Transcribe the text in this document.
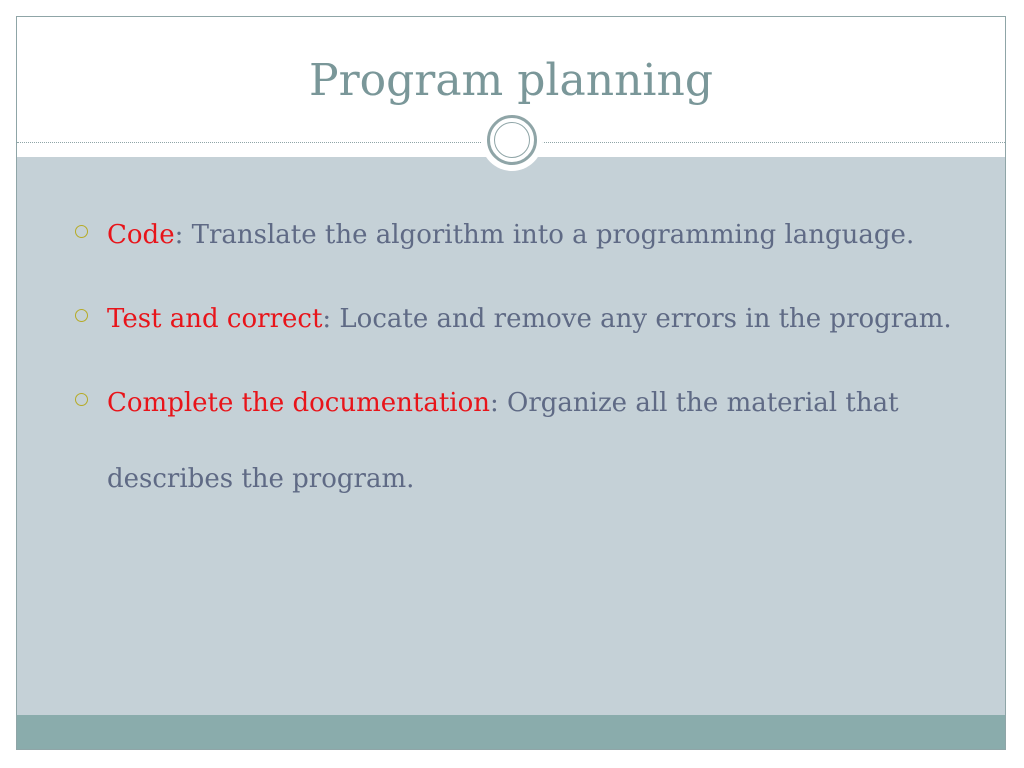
Program planning
Code: Translate the algorithm into a programming language.
Test and correct: Locate and remove any errors in the program.
Complete the documentation: Organize all the material that describes the program.
